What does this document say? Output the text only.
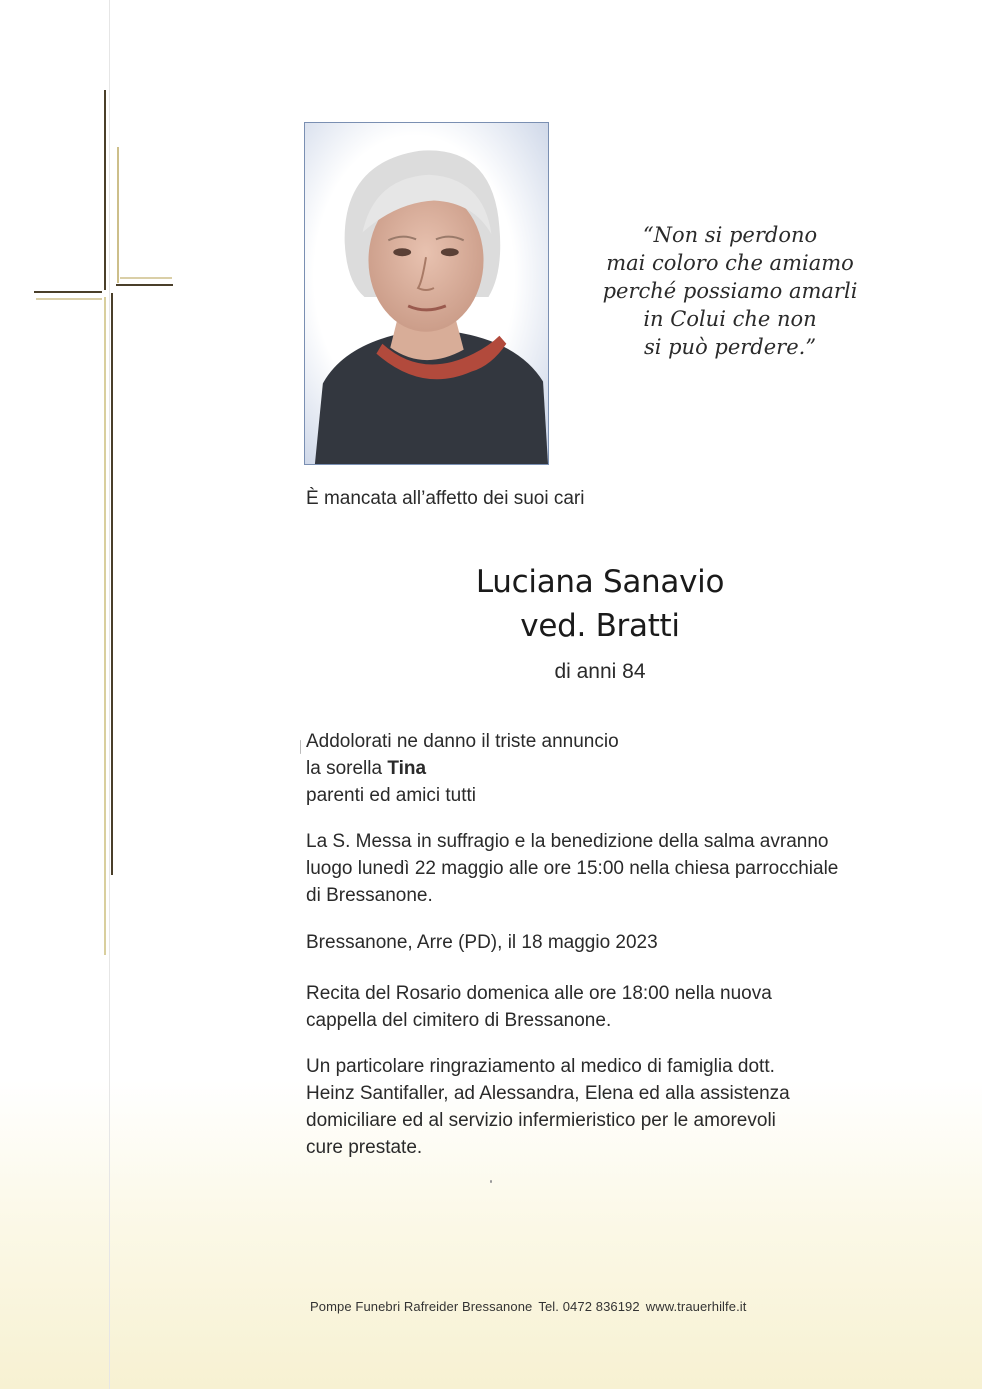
“Non si perdono
mai coloro che amiamo
perché possiamo amarli
in Colui che non
si può perdere.”
È mancata all’affetto dei suoi cari
Luciana Sanavio
ved. Bratti
di anni 84
Addolorati ne danno il triste annuncio
la sorella Tina
parenti ed amici tutti
La S. Messa in suffragio e la benedizione della salma avranno
luogo lunedì 22 maggio alle ore 15:00 nella chiesa parrocchiale
di Bressanone.
Bressanone, Arre (PD), il 18 maggio 2023
Recita del Rosario domenica alle ore 18:00 nella nuova
cappella del cimitero di Bressanone.
Un particolare ringraziamento al medico di famiglia dott.
Heinz Santifaller, ad Alessandra, Elena ed alla assistenza
domiciliare ed al servizio infermieristico per le amorevoli
cure prestate.
Pompe Funebri Rafreider Bressanone Tel. 0472 836192 www.trauerhilfe.it
